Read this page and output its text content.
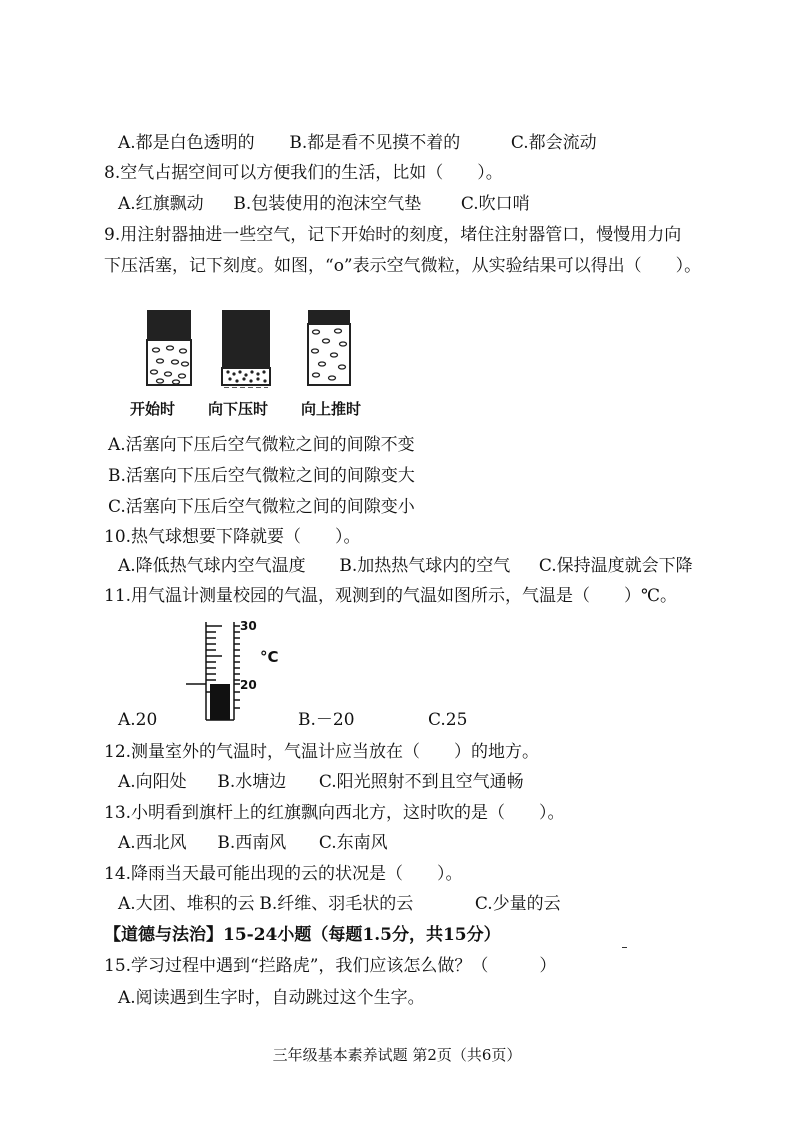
A.都是白色透明的 B.都是看不见摸不着的	C.都会流动
8.空气占据空间可以方便我们的生活，比如（　　）。
A.红旗飘动 B.包装使用的泡沫空气垫 C.吹口哨
9.用注射器抽进一些空气，记下开始时的刻度，堵住注射器管口，慢慢用力向
下压活塞，记下刻度。如图，“o”表示空气微粒，从实验结果可以得出（　　）。
开始时 向下压时 向上推时
A.活塞向下压后空气微粒之间的间隙不变
B.活塞向下压后空气微粒之间的间隙变大
C.活塞向下压后空气微粒之间的间隙变小
10.热气球想要下降就要（　　）。
A.降低热气球内空气温度 B.加热热气球内的空气 C.保持温度就会下降
11.用气温计测量校园的气温，观测到的气温如图所示，气温是（　　）℃。
30
°C
20
A.20	B.－20	C.25
12.测量室外的气温时，气温计应当放在（　　）的地方。
A.向阳处 B.水塘边 C.阳光照射不到且空气通畅
13.小明看到旗杆上的红旗飘向西北方，这时吹的是（　　）。
A.西北风 B.西南风 C.东南风
14.降雨当天最可能出现的云的状况是（　　）。
A.大团、堆积的云 B.纤维、羽毛状的云	C.少量的云
【道德与法治】15-24小题（每题1.5分，共15分）
15.学习过程中遇到“拦路虎”，我们应该怎么做？（　　　）
A.阅读遇到生字时，自动跳过这个生字。
三年级基本素养试题 第2页（共6页）
